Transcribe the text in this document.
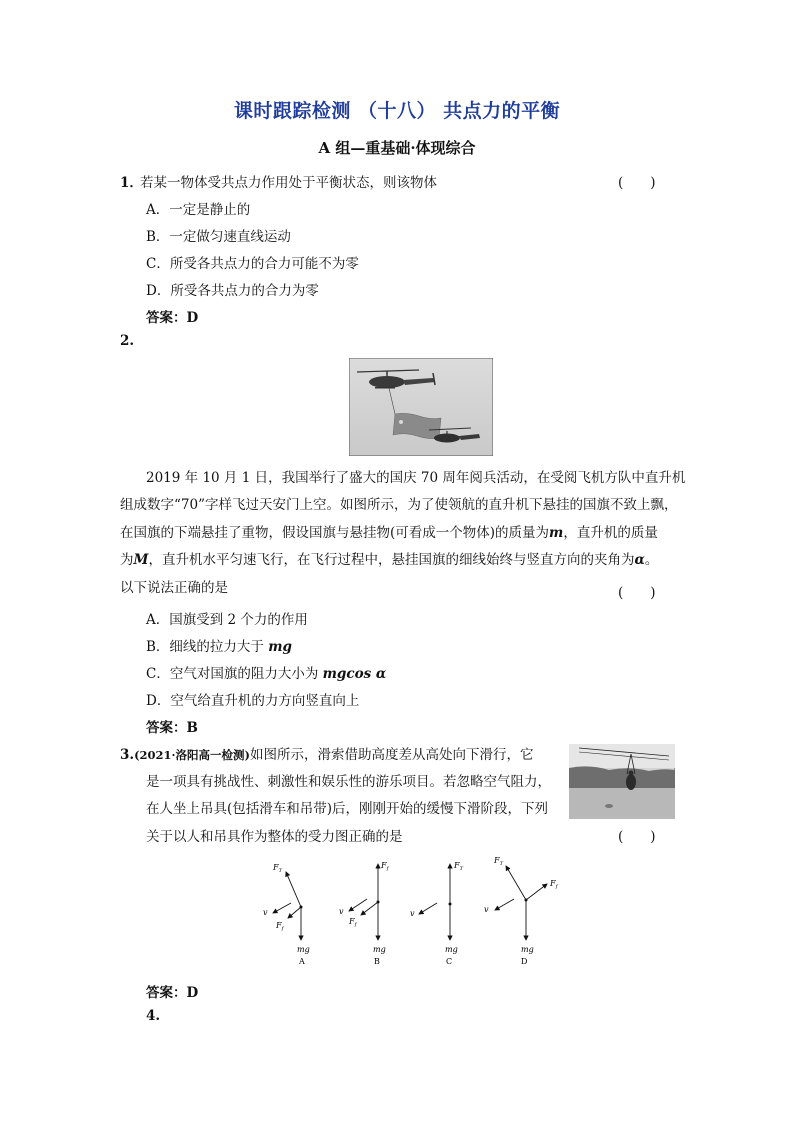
课时跟踪检测 （十八） 共点力的平衡
A 组—重基础·体现综合
1．
若某一物体受共点力作用处于平衡状态，则该物体	(　　)
A．一定是静止的
B．一定做匀速直线运动
C．所受各共点力的合力可能不为零
D．所受各共点力的合力为零
答案：D
2.
2019 年 10 月 1 日，我国举行了盛大的国庆 70 周年阅兵活动，在受阅飞机方队中直升机
组成数字“70”字样飞过天安门上空。如图所示，为了使领航的直升机下悬挂的国旗不致上飘，
在国旗的下端悬挂了重物，假设国旗与悬挂物(可看成一个物体)的质量为m，直升机的质量
为M，直升机水平匀速飞行，在飞行过程中，悬挂国旗的细线始终与竖直方向的夹角为α。
以下说法正确的是	(　　)
A．国旗受到 2 个力的作用
B．细线的拉力大于 mg
C．空气对国旗的阻力大小为 mgcos α
D．空气给直升机的力方向竖直向上
答案：B
3.(2021·洛阳高一检测)如图所示，滑索借助高度差从高处向下滑行，它
是一项具有挑战性、刺激性和娱乐性的游乐项目。若忽略空气阻力，
在人坐上吊具(包括滑车和吊带)后，刚刚开始的缓慢下滑阶段，下列
关于以人和吊具作为整体的受力图正确的是	(　　)
$F_T$
$F_f$
v
mg
A
$F_f$
$F_f$
v
mg
B
$F_T$
v
mg
C
$F_T$
$F_f$
v
mg
D
答案：D
4.
